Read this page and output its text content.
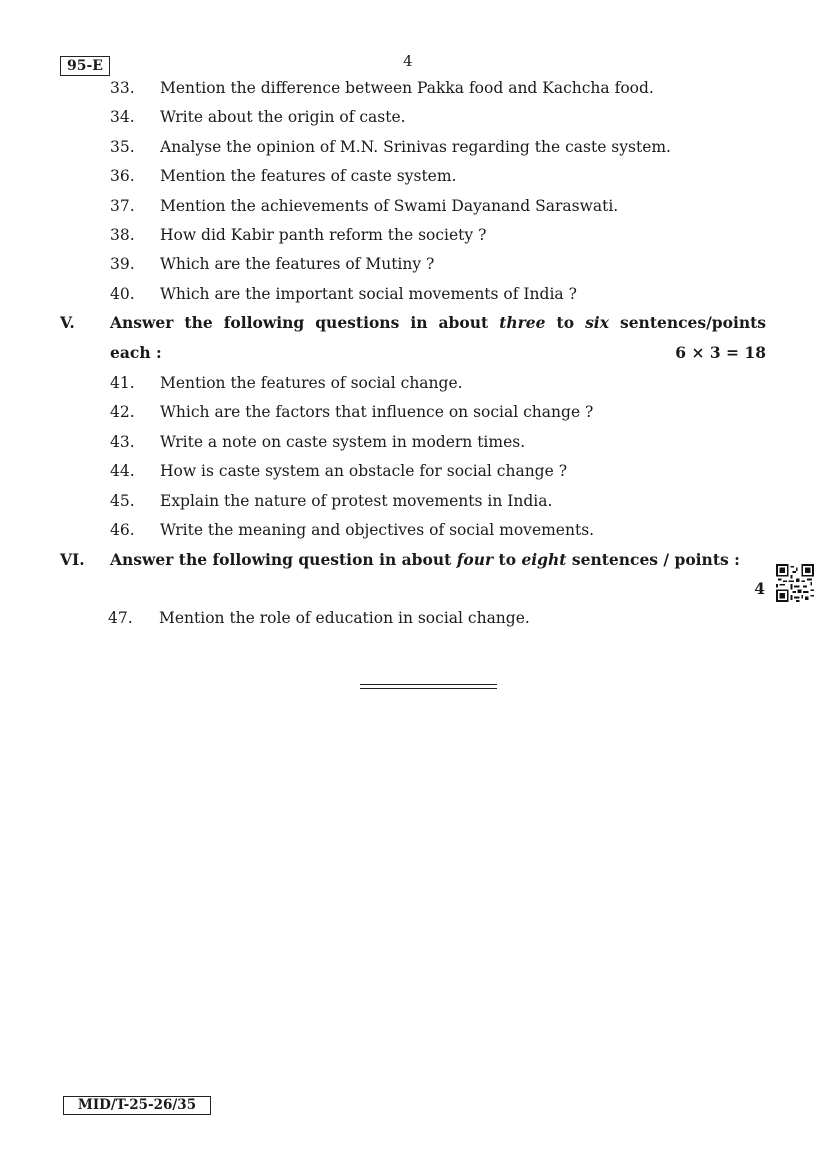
95-E	4
33. Mention the difference between Pakka food and Kachcha food.
34. Write about the origin of caste.
35. Analyse the opinion of M.N. Srinivas regarding the caste system.
36. Mention the features of caste system.
37. Mention the achievements of Swami Dayanand Saraswati.
38. How did Kabir panth reform the society ?
39. Which are the features of Mutiny ?
40. Which are the important social movements of India ?
V. Answer the following questions in about three to six sentences/points
each :	6 × 3 = 18
41. Mention the features of social change.
42. Which are the factors that influence on social change ?
43. Write a note on caste system in modern times.
44. How is caste system an obstacle for social change ?
45. Explain the nature of protest movements in India.
46. Write the meaning and objectives of social movements.
VI. Answer the following question in about four to eight sentences / points :
4
47. Mention the role of education in social change.
MID/T-25-26/35
